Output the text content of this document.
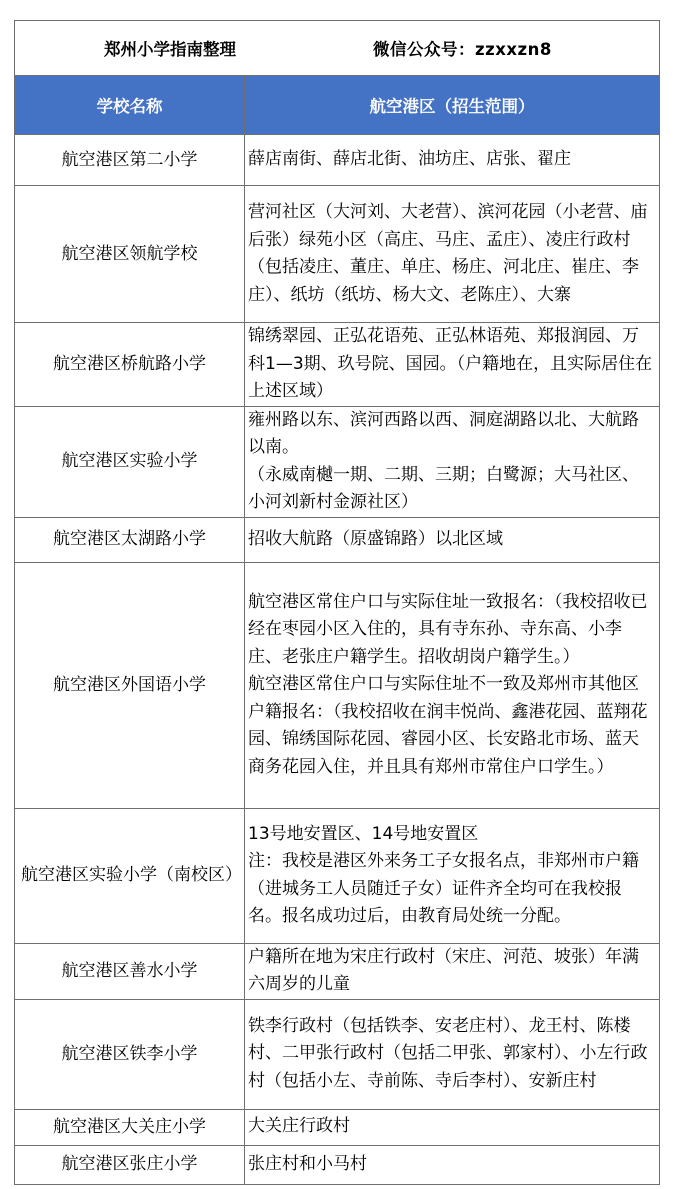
郑州小学指南整理 微信公众号：zzxxzn8	

学校名称	航空港区（招生范围）
航空港区第二小学	薛店南街、薛店北街、油坊庄、店张、翟庄

航空港区领航学校	营河社区（大河刘、大老营）、滨河花园（小老营、庙后张）绿苑小区（高庄、马庄、孟庄）、凌庄行政村（包括凌庄、董庄、单庄、杨庄、河北庄、崔庄、李庄）、纸坊（纸坊、杨大文、老陈庄）、大寨

航空港区桥航路小学	锦绣翠园、正弘花语苑、正弘林语苑、郑报润园、万科1—3期、玖号院、国园。（户籍地在，且实际居住在上述区域）

航空港区实验小学	雍州路以东、滨河西路以西、洞庭湖路以北、大航路以南。

（永威南樾一期、二期、三期；白鹭源；大马社区、小河刘新村金源社区）

航空港区太湖路小学	招收大航路（原盛锦路）以北区域

航空港区外国语小学	航空港区常住户口与实际住址一致报名：（我校招收已经在枣园小区入住的，具有寺东孙、寺东高、小李庄、老张庄户籍学生。招收胡岗户籍学生。）

航空港区常住户口与实际住址不一致及郑州市其他区户籍报名：（我校招收在润丰悦尚、鑫港花园、蓝翔花园、锦绣国际花园、睿园小区、长安路北市场、蓝天商务花园入住，并且具有郑州市常住户口学生。）

航空港区实验小学（南校区）	13号地安置区、14号地安置区

注：我校是港区外来务工子女报名点，非郑州市户籍（进城务工人员随迁子女）证件齐全均可在我校报名。报名成功过后，由教育局处统一分配。

航空港区善水小学	户籍所在地为宋庄行政村（宋庄、河范、坡张）年满六周岁的儿童

航空港区铁李小学	铁李行政村（包括铁李、安老庄村）、龙王村、陈楼村、二甲张行政村（包括二甲张、郭家村）、小左行政村（包括小左、寺前陈、寺后李村）、安新庄村

航空港区大关庄小学	大关庄行政村

航空港区张庄小学	张庄村和小马村
